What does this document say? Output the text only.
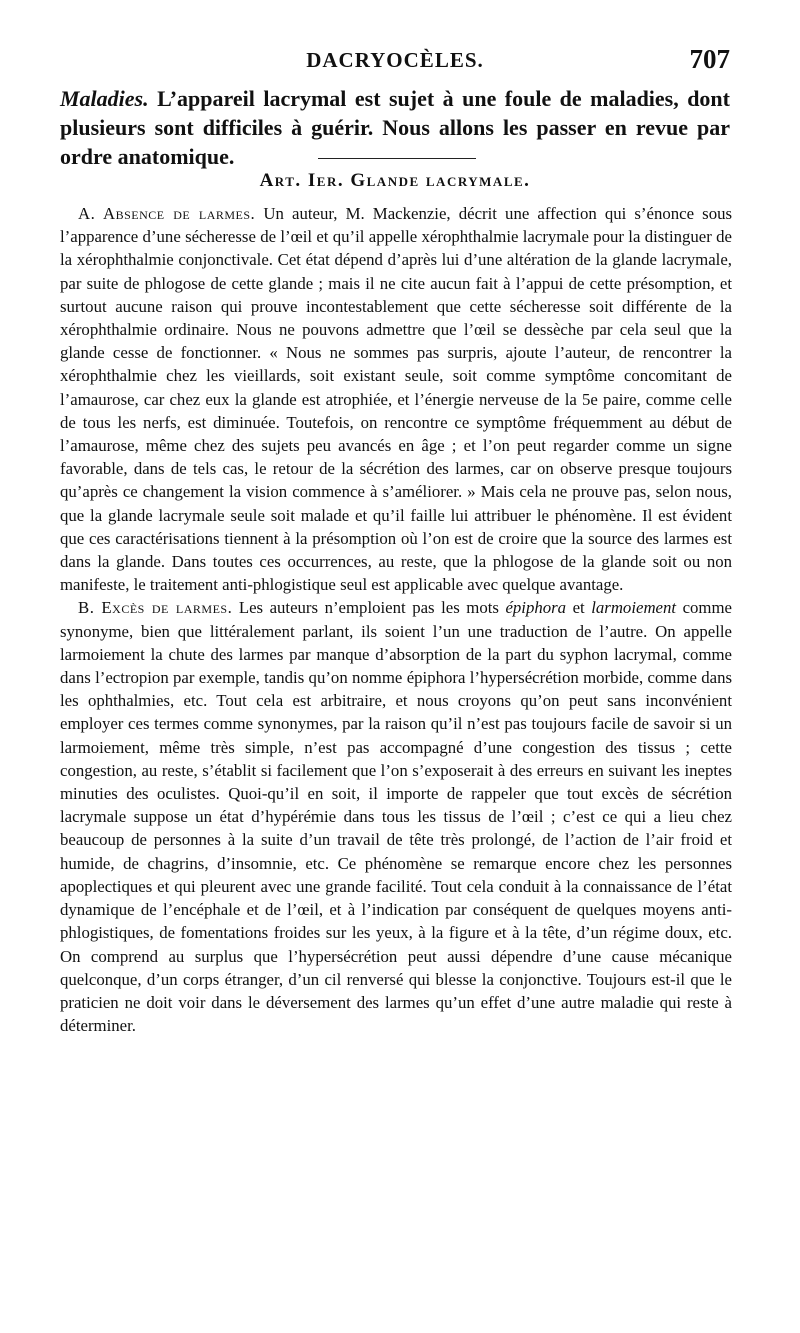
DACRYOCÈLES.	707
Maladies. L’appareil lacrymal est sujet à une foule de maladies, dont plusieurs sont difficiles à guérir. Nous allons les passer en revue par ordre anatomique.
Art. Ier. Glande lacrymale.

A. Absence de larmes. Un auteur, M. Mackenzie, décrit une affection qui s’énonce sous l’apparence d’une sécheresse de l’œil et qu’il appelle xérophthalmie lacrymale pour la distinguer de la xérophthalmie conjonctivale. Cet état dépend d’après lui d’une altération de la glande lacrymale, par suite de phlogose de cette glande ; mais il ne cite aucun fait à l’appui de cette présomption, et surtout aucune raison qui prouve incontestablement que cette sécheresse soit différente de la xérophthalmie ordinaire. Nous ne pouvons admettre que l’œil se dessèche par cela seul que la glande cesse de fonctionner. « Nous ne sommes pas surpris, ajoute l’auteur, de rencontrer la xérophthalmie chez les vieillards, soit existant seule, soit comme symptôme concomitant de l’amaurose, car chez eux la glande est atrophiée, et l’énergie nerveuse de la 5e paire, comme celle de tous les nerfs, est diminuée. Toutefois, on rencontre ce symptôme fréquemment au début de l’amaurose, même chez des sujets peu avancés en âge ; et l’on peut regarder comme un signe favorable, dans de tels cas, le retour de la sécrétion des larmes, car on observe presque toujours qu’après ce changement la vision commence à s’améliorer. » Mais cela ne prouve pas, selon nous, que la glande lacrymale seule soit malade et qu’il faille lui attribuer le phénomène. Il est évident que ces caractérisations tiennent à la présomption où l’on est de croire que la source des larmes est dans la glande. Dans toutes ces occurrences, au reste, que la phlogose de la glande soit ou non manifeste, le traitement anti-phlogistique seul est applicable avec quelque avantage.

B. Excès de larmes. Les auteurs n’emploient pas les mots épiphora et larmoiement comme synonyme, bien que littéralement parlant, ils soient l’un une traduction de l’autre. On appelle larmoiement la chute des larmes par manque d’absorption de la part du syphon lacrymal, comme dans l’ectropion par exemple, tandis qu’on nomme épiphora l’hypersécrétion morbide, comme dans les ophthalmies, etc. Tout cela est arbitraire, et nous croyons qu’on peut sans inconvénient employer ces termes comme synonymes, par la raison qu’il n’est pas toujours facile de savoir si un larmoiement, même très simple, n’est pas accompagné d’une congestion des tissus ; cette congestion, au reste, s’établit si facilement que l’on s’exposerait à des erreurs en suivant les ineptes minuties des oculistes. Quoi-qu’il en soit, il importe de rappeler que tout excès de sécrétion lacrymale suppose un état d’hypérémie dans tous les tissus de l’œil ; c’est ce qui a lieu chez beaucoup de personnes à la suite d’un travail de tête très prolongé, de l’action de l’air froid et humide, de chagrins, d’insomnie, etc. Ce phénomène se remarque encore chez les personnes apoplectiques et qui pleurent avec une grande facilité. Tout cela conduit à la connaissance de l’état dynamique de l’encéphale et de l’œil, et à l’indication par conséquent de quelques moyens anti-phlogistiques, de fomentations froides sur les yeux, à la figure et à la tête, d’un régime doux, etc. On comprend au surplus que l’hypersécrétion peut aussi dépendre d’une cause mécanique quelconque, d’un corps étranger, d’un cil renversé qui blesse la conjonctive. Toujours est-il que le praticien ne doit voir dans le déversement des larmes qu’un effet d’une autre maladie qui reste à déterminer.
